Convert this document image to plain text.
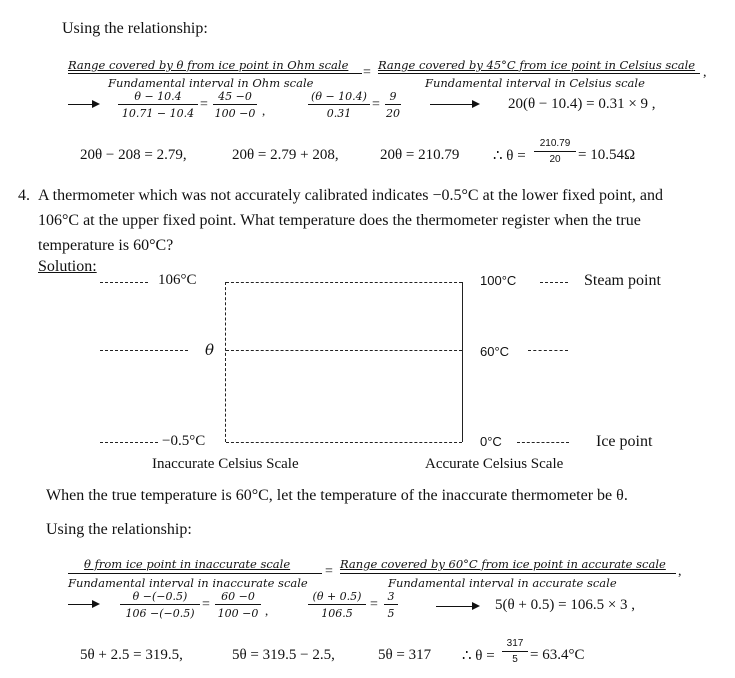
Using the relationship:
Range covered by θ from ice point in Ohm scale
Fundamental interval in Ohm scale
= Range covered by 45°C from ice point in Celsius scale
Fundamental interval in Celsius scale
,
θ − 10.4
10.71 − 10.4
=
45 −0
100 −0 ,
(θ − 10.4)
0.31
=
9
20
20(θ − 10.4) = 0.31 × 9 ,
20θ − 208 = 2.79,	20θ = 2.79 + 208,	20θ = 210.79 ∴ θ =
210.79
20	= 10.54Ω
4. A thermometer which was not accurately calibrated indicates −0.5°C at the lower fixed point, and
106°C at the upper fixed point. What temperature does the thermometer register when the true
temperature is 60°C?
Solution:
106°C	100°C	Steam point
θ	60°C
−0.5°C	0°C	Ice point
Inaccurate Celsius Scale	Accurate Celsius Scale
When the true temperature is 60°C, let the temperature of the inaccurate thermometer be θ.
Using the relationship:
θ from ice point in inaccurate scale
Fundamental interval in inaccurate scale
= Range covered by 60°C from ice point in accurate scale
Fundamental interval in accurate scale
,
θ −(−0.5)
106 −(−0.5)
=
60 −0
100 −0 ,
(θ + 0.5)
106.5
=
3
5
5(θ + 0.5) = 106.5 × 3 ,
5θ + 2.5 = 319.5,	5θ = 319.5 − 2.5,	5θ = 317 ∴ θ =
317
5 = 63.4°C
